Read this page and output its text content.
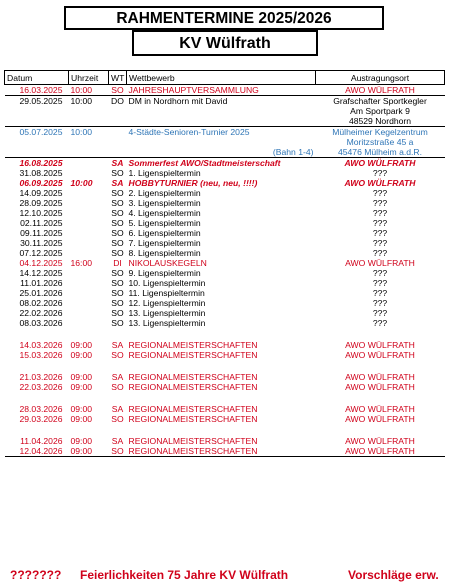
RAHMENTERMINE 2025/2026
KV Wülfrath
Datum	Uhrzeit	WT	Wettbewerb	Austragungsort
16.03.2025	10:00	SO	JAHRESHAUPTVERSAMMLUNG	AWO WÜLFRATH
29.05.2025	10:00	DO	DM in Nordhorn mit David	Grafschafter Sportkegler
				Am Sportpark 9
				48529 Nordhorn
05.07.2025	10:00		4-Städte-Senioren-Turnier 2025	Mülheimer Kegelzentrum
				Moritzstraße 45 a
			(Bahn 1-4)	45476 Mülheim a.d.R.
16.08.2025		SA	Sommerfest AWO/Stadtmeisterschaft	AWO WÜLFRATH
31.08.2025		SO	1. Ligenspieltermin	???
06.09.2025	10:00	SA	HOBBYTURNIER (neu, neu, !!!!)	AWO WÜLFRATH
14.09.2025		SO	2. Ligenspieltermin	???
28.09.2025		SO	3. Ligenspieltermin	???
12.10.2025		SO	4. Ligenspieltermin	???
02.11.2025		SO	5. Ligenspieltermin	???
09.11.2025		SO	6. Ligenspieltermin	???
30.11.2025		SO	7. Ligenspieltermin	???
07.12.2025		SO	8. Ligenspieltermin	???
04.12.2025	16:00	DI	NIKOLAUSKEGELN	AWO WÜLFRATH
14.12.2025		SO	9. Ligenspieltermin	???
11.01.2026		SO	10. Ligenspieltermin	???
25.01.2026		SO	11. Ligenspieltermin	???
08.02.2026		SO	12. Ligenspieltermin	???
22.02.2026		SO	13. Ligenspieltermin	???
08.03.2026		SO	13. Ligenspieltermin	???

14.03.2026	09:00	SA	REGIONALMEISTERSCHAFTEN	AWO WÜLFRATH
15.03.2026	09:00	SO	REGIONALMEISTERSCHAFTEN	AWO WÜLFRATH

21.03.2026	09:00	SA	REGIONALMEISTERSCHAFTEN	AWO WÜLFRATH
22.03.2026	09:00	SO	REGIONALMEISTERSCHAFTEN	AWO WÜLFRATH

28.03.2026	09:00	SA	REGIONALMEISTERSCHAFTEN	AWO WÜLFRATH
29.03.2026	09:00	SO	REGIONALMEISTERSCHAFTEN	AWO WÜLFRATH

11.04.2026	09:00	SA	REGIONALMEISTERSCHAFTEN	AWO WÜLFRATH
12.04.2026	09:00	SO	REGIONALMEISTERSCHAFTEN	AWO WÜLFRATH
??????? Feierlichkeiten 75 Jahre KV Wülfrath	Vorschläge erw.
